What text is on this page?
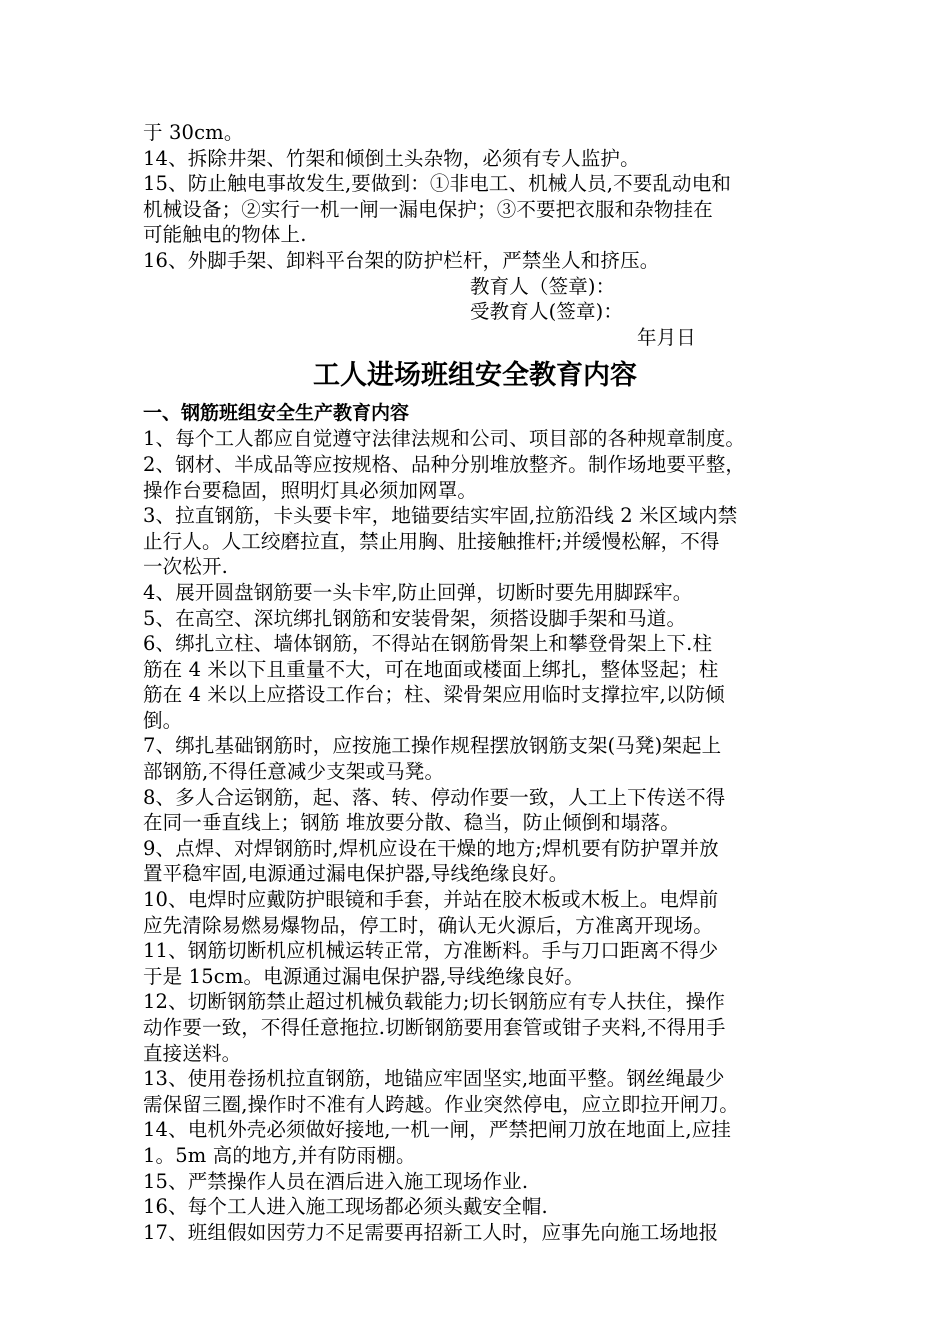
于 30cm。

14、拆除井架、竹架和倾倒土头杂物，必须有专人监护。

15、防止触电事故发生,要做到：①非电工、机械人员,不要乱动电和

机械设备；②实行一机一闸一漏电保护；③不要把衣服和杂物挂在

可能触电的物体上.

16、外脚手架、卸料平台架的防护栏杆，严禁坐人和挤压。

教育人（签章)：

受教育人(签章)：

年月日

工人进场班组安全教育内容
一、钢筋班组安全生产教育内容

1、每个工人都应自觉遵守法律法规和公司、项目部的各种规章制度。

2、钢材、半成品等应按规格、品种分别堆放整齐。制作场地要平整，

操作台要稳固，照明灯具必须加网罩。

3、拉直钢筋，卡头要卡牢，地锚要结实牢固,拉筋沿线 2 米区域内禁

止行人。人工绞磨拉直，禁止用胸、肚接触推杆;并缓慢松解，不得

一次松开.

4、展开圆盘钢筋要一头卡牢,防止回弹，切断时要先用脚踩牢。

5、在高空、深坑绑扎钢筋和安装骨架，须搭设脚手架和马道。

6、绑扎立柱、墙体钢筋，不得站在钢筋骨架上和攀登骨架上下.柱

筋在 4 米以下且重量不大，可在地面或楼面上绑扎，整体竖起；柱

筋在 4 米以上应搭设工作台；柱、梁骨架应用临时支撑拉牢,以防倾

倒。

7、绑扎基础钢筋时，应按施工操作规程摆放钢筋支架(马凳)架起上

部钢筋,不得任意减少支架或马凳。

8、多人合运钢筋，起、落、转、停动作要一致，人工上下传送不得

在同一垂直线上；钢筋 堆放要分散、稳当，防止倾倒和塌落。

9、点焊、对焊钢筋时,焊机应设在干燥的地方;焊机要有防护罩并放

置平稳牢固,电源通过漏电保护器,导线绝缘良好。

10、电焊时应戴防护眼镜和手套，并站在胶木板或木板上。电焊前

应先清除易燃易爆物品，停工时，确认无火源后，方准离开现场。

11、钢筋切断机应机械运转正常，方准断料。手与刀口距离不得少

于是 15cm。电源通过漏电保护器,导线绝缘良好。

12、切断钢筋禁止超过机械负载能力;切长钢筋应有专人扶住，操作

动作要一致，不得任意拖拉.切断钢筋要用套管或钳子夹料,不得用手

直接送料。

13、使用卷扬机拉直钢筋，地锚应牢固坚实,地面平整。钢丝绳最少

需保留三圈,操作时不准有人跨越。作业突然停电，应立即拉开闸刀。

14、电机外壳必须做好接地,一机一闸，严禁把闸刀放在地面上,应挂

1。5m 高的地方,并有防雨棚。

15、严禁操作人员在酒后进入施工现场作业.

16、每个工人进入施工现场都必须头戴安全帽.

17、班组假如因劳力不足需要再招新工人时，应事先向施工场地报
